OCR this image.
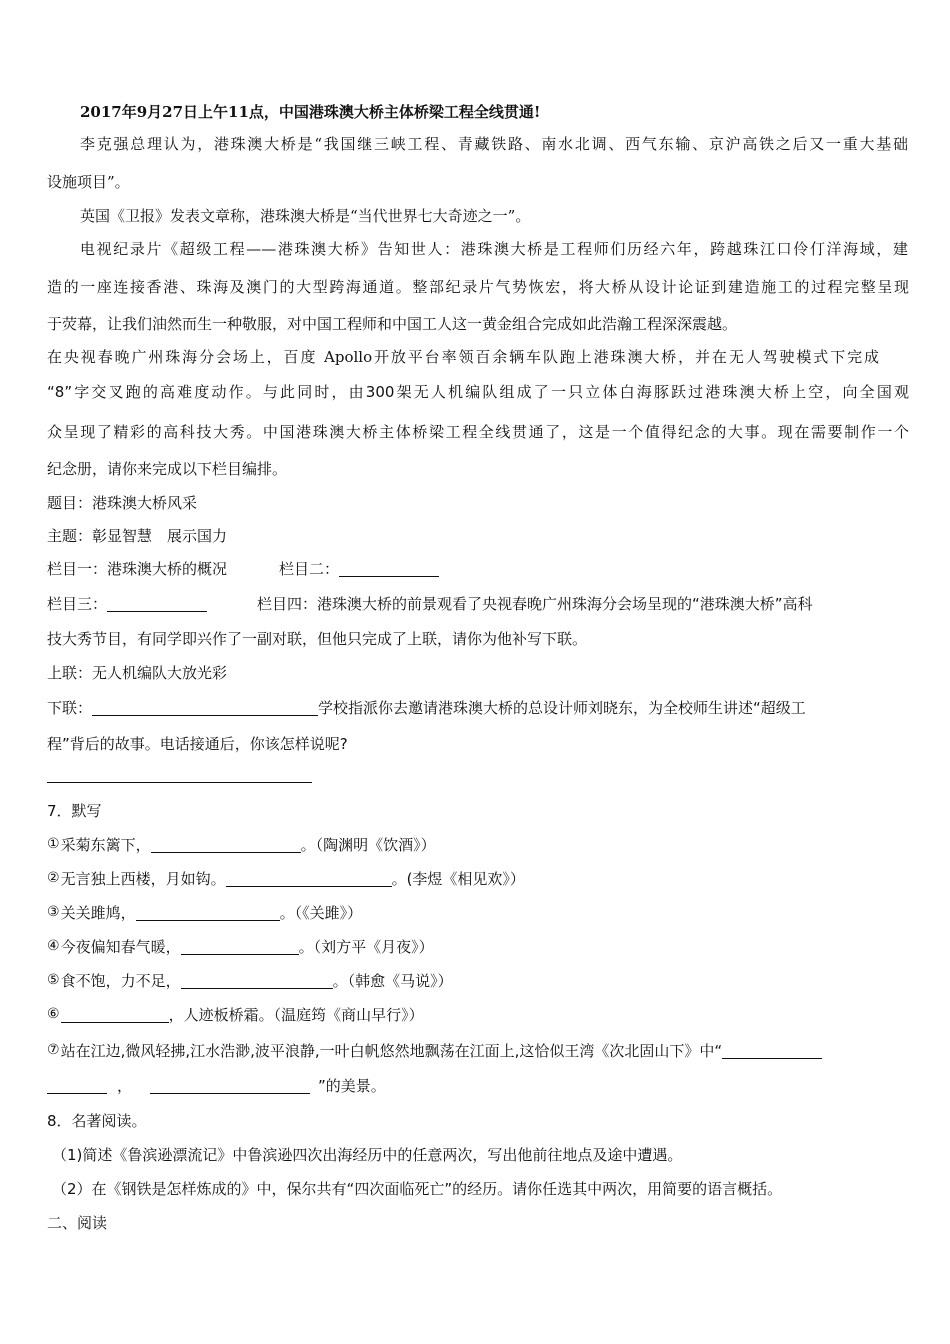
2017年9月27日上午11点，中国港珠澳大桥主体桥梁工程全线贯通!
李克强总理认为，港珠澳大桥是“我国继三峡工程、青藏铁路、南水北调、西气东输、京沪高铁之后又一重大基础
设施项目”。
英国《卫报》发表文章称，港珠澳大桥是“当代世界七大奇迹之一”。
电视纪录片《超级工程——港珠澳大桥》告知世人：港珠澳大桥是工程师们历经六年，跨越珠江口伶仃洋海域，建
造的一座连接香港、珠海及澳门的大型跨海通道。整部纪录片气势恢宏，将大桥从设计论证到建造施工的过程完整呈现
于荧幕，让我们油然而生一种敬服，对中国工程师和中国工人这一黄金组合完成如此浩瀚工程深深震越。
在央视春晚广州珠海分会场上，百度 Apollo开放平台率领百余辆车队跑上港珠澳大桥，并在无人驾驶模式下完成
“8”字交叉跑的高难度动作。与此同时，由300架无人机编队组成了一只立体白海豚跃过港珠澳大桥上空，向全国观
众呈现了精彩的高科技大秀。中国港珠澳大桥主体桥梁工程全线贯通了，这是一个值得纪念的大事。现在需要制作一个
纪念册，请你来完成以下栏目编排。
题目：港珠澳大桥风采
主题：彰显智慧　展示国力
栏目一：港珠澳大桥的概况	栏目二：
栏目三：	栏目四：港珠澳大桥的前景观看了央视春晚广州珠海分会场呈现的“港珠澳大桥”高科
技大秀节目，有同学即兴作了一副对联，但他只完成了上联，请你为他补写下联。
上联：无人机编队大放光彩
下联：	学校指派你去邀请港珠澳大桥的总设计师刘晓东，为全校师生讲述“超级工
程”背后的故事。电话接通后，你该怎样说呢?
7．默写
①采菊东篱下，	。（陶渊明《饮酒》）
②无言独上西楼，月如钩。	。(李煜《相见欢》）
③关关雎鸠，	。（《关雎》）
④今夜偏知春气暖，	。（刘方平《月夜》）
⑤食不饱，力不足，	。（韩愈《马说》）
⑥	，人迹板桥霜。（温庭筠《商山早行》）
⑦站在江边,微风轻拂,江水浩渺,波平浪静,一叶白帆悠然地飘荡在江面上,这恰似王湾《次北固山下》中“
，	”的美景。
8．名著阅读。
（1)简述《鲁滨逊漂流记》中鲁滨逊四次出海经历中的任意两次，写出他前往地点及途中遭遇。
（2）在《钢铁是怎样炼成的》中，保尔共有“四次面临死亡”的经历。请你任选其中两次，用简要的语言概括。
二、阅读
